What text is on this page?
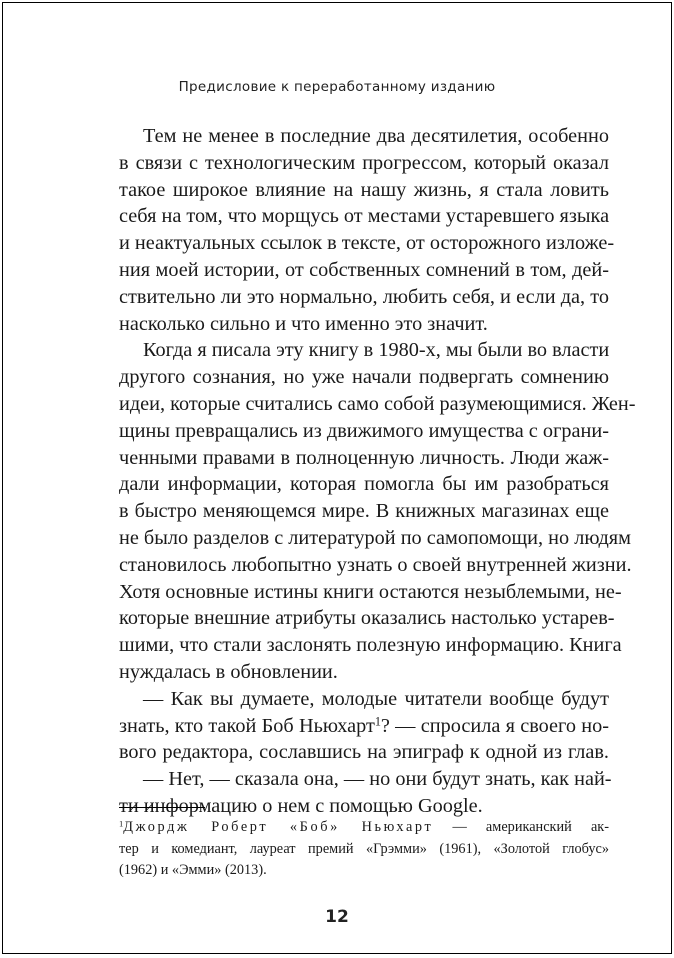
Предисловие к переработанному изданию
Тем не менее в последние два десятилетия, особенно
в связи с технологическим прогрессом, который оказал
такое широкое влияние на нашу жизнь, я стала ловить
себя на том, что морщусь от местами устаревшего языка
и неактуальных ссылок в тексте, от осторожного изложе-
ния моей истории, от собственных сомнений в том, дей-
ствительно ли это нормально, любить себя, и если да, то
насколько сильно и что именно это значит.
Когда я писала эту книгу в 1980-х, мы были во власти
другого сознания, но уже начали подвергать сомнению
идеи, которые считались само собой разумеющимися. Жен-
щины превращались из движимого имущества с ограни-
ченными правами в полноценную личность. Люди жаж-
дали информации, которая помогла бы им разобраться
в быстро меняющемся мире. В книжных магазинах еще
не было разделов с литературой по самопомощи, но людям
становилось любопытно узнать о своей внутренней жизни.
Хотя основные истины книги остаются незыблемыми, не-
которые внешние атрибуты оказались настолько устарев-
шими, что стали заслонять полезную информацию. Книга
нуждалась в обновлении.
— Как вы думаете, молодые читатели вообще будут
знать, кто такой Боб Ньюхарт$^1$? — спросила я своего но-
вого редактора, сославшись на эпиграф к одной из глав.
— Нет, — сказала она, — но они будут знать, как най-
ти информацию о нем с помощью Google.
$^1$Джордж Роберт «Боб» Ньюхарт — американский ак-
тер и комедиант, лауреат премий «Грэмми» (1961), «Золотой глобус»
(1962) и «Эмми» (2013).
12
